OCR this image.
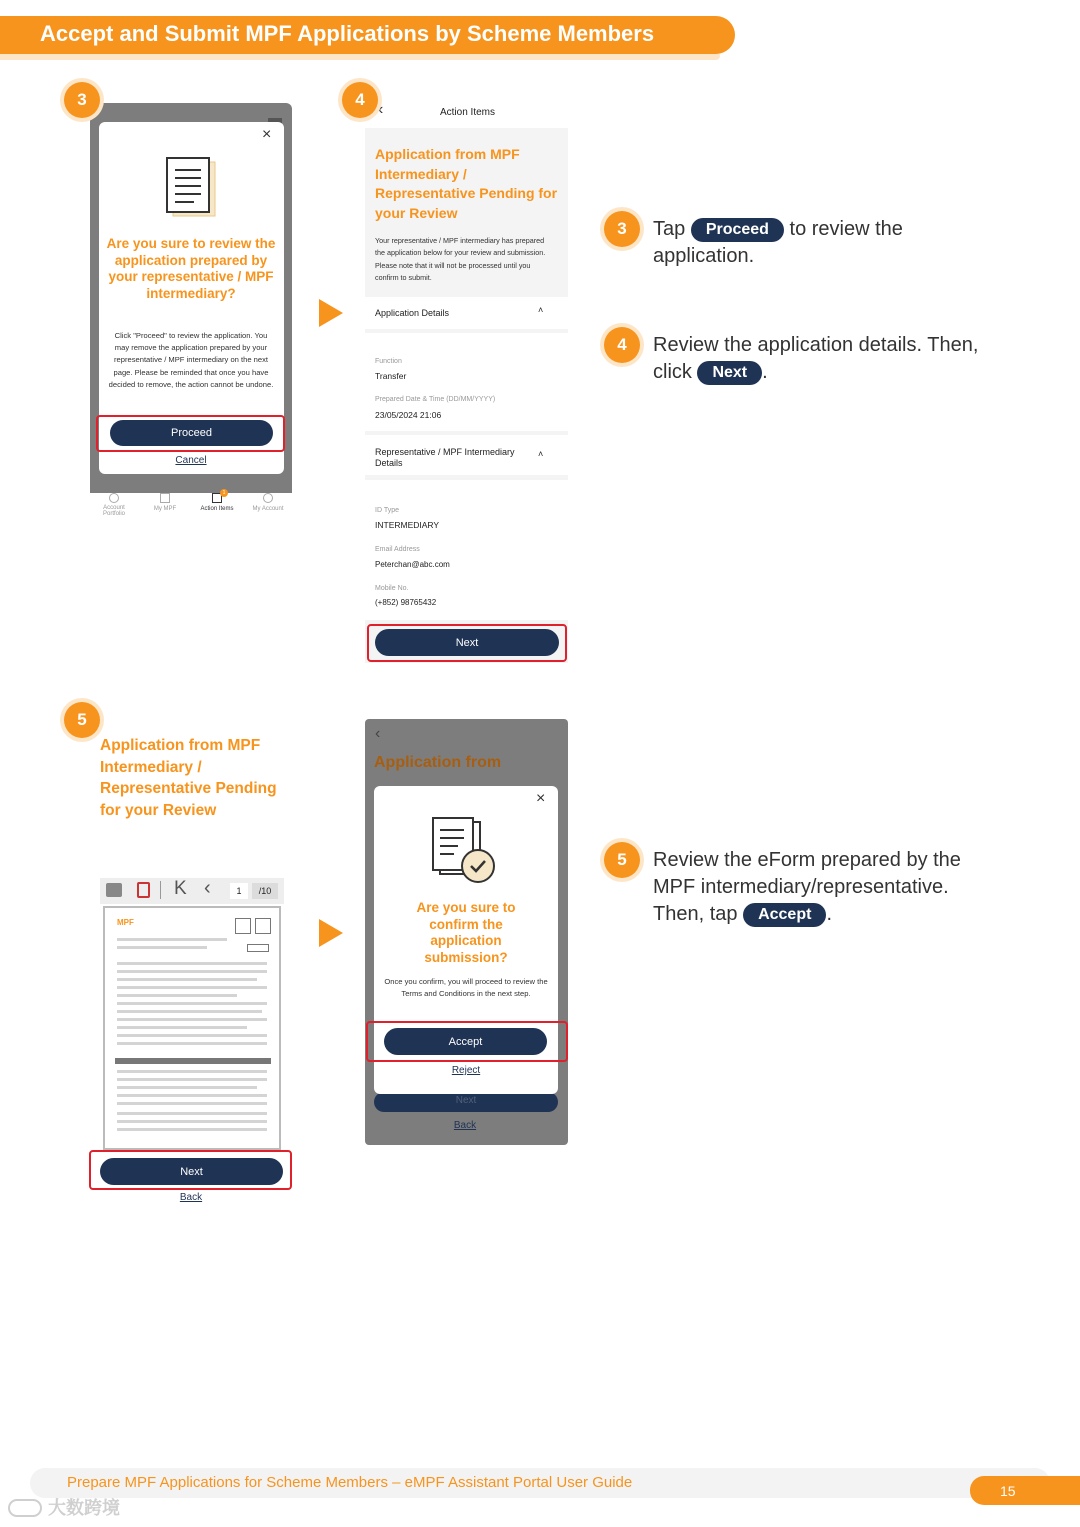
Accept and Submit MPF Applications by Scheme Members
×
Are you sure to review the application prepared by your representative / MPF intermediary?
Click "Proceed" to review the application. You may remove the application prepared by your representative / MPF intermediary on the next page. Please be reminded that once you have decided to remove, the action cannot be undone.
Proceed
Cancel
Account Portfolio
My MPF
1
Action Items	My Account
3
‹	Action Items
Application from MPF Intermediary / Representative Pending for your Review
Your representative / MPF intermediary has prepared the application below for your review and submission. Please note that it will not be processed until you confirm to submit.
Application Details	˄
Function
Transfer
Prepared Date & Time (DD/MM/YYYY)
23/05/2024 21:06
Representative / MPF Intermediary Details
˄
ID Type
INTERMEDIARY
Email Address
Peterchan@abc.com
Mobile No.
(+852) 98765432
Next
4
Application from MPF Intermediary / Representative Pending for your Review
K ‹	1	/10
MPF
Next
Back
5
‹
Application from
Next
Back
×
Are you sure to confirm the application submission?
Once you confirm, you will proceed to review the Terms and Conditions in the next step.
Accept
Reject
3	Tap Proceed to review the
application.
4	Review the application details. Then,
click Next .
5	Review the eForm prepared by the
MPF intermediary/representative.
Then, tap Accept .
Prepare MPF Applications for Scheme Members – eMPF Assistant Portal User Guide	15
大数跨境
